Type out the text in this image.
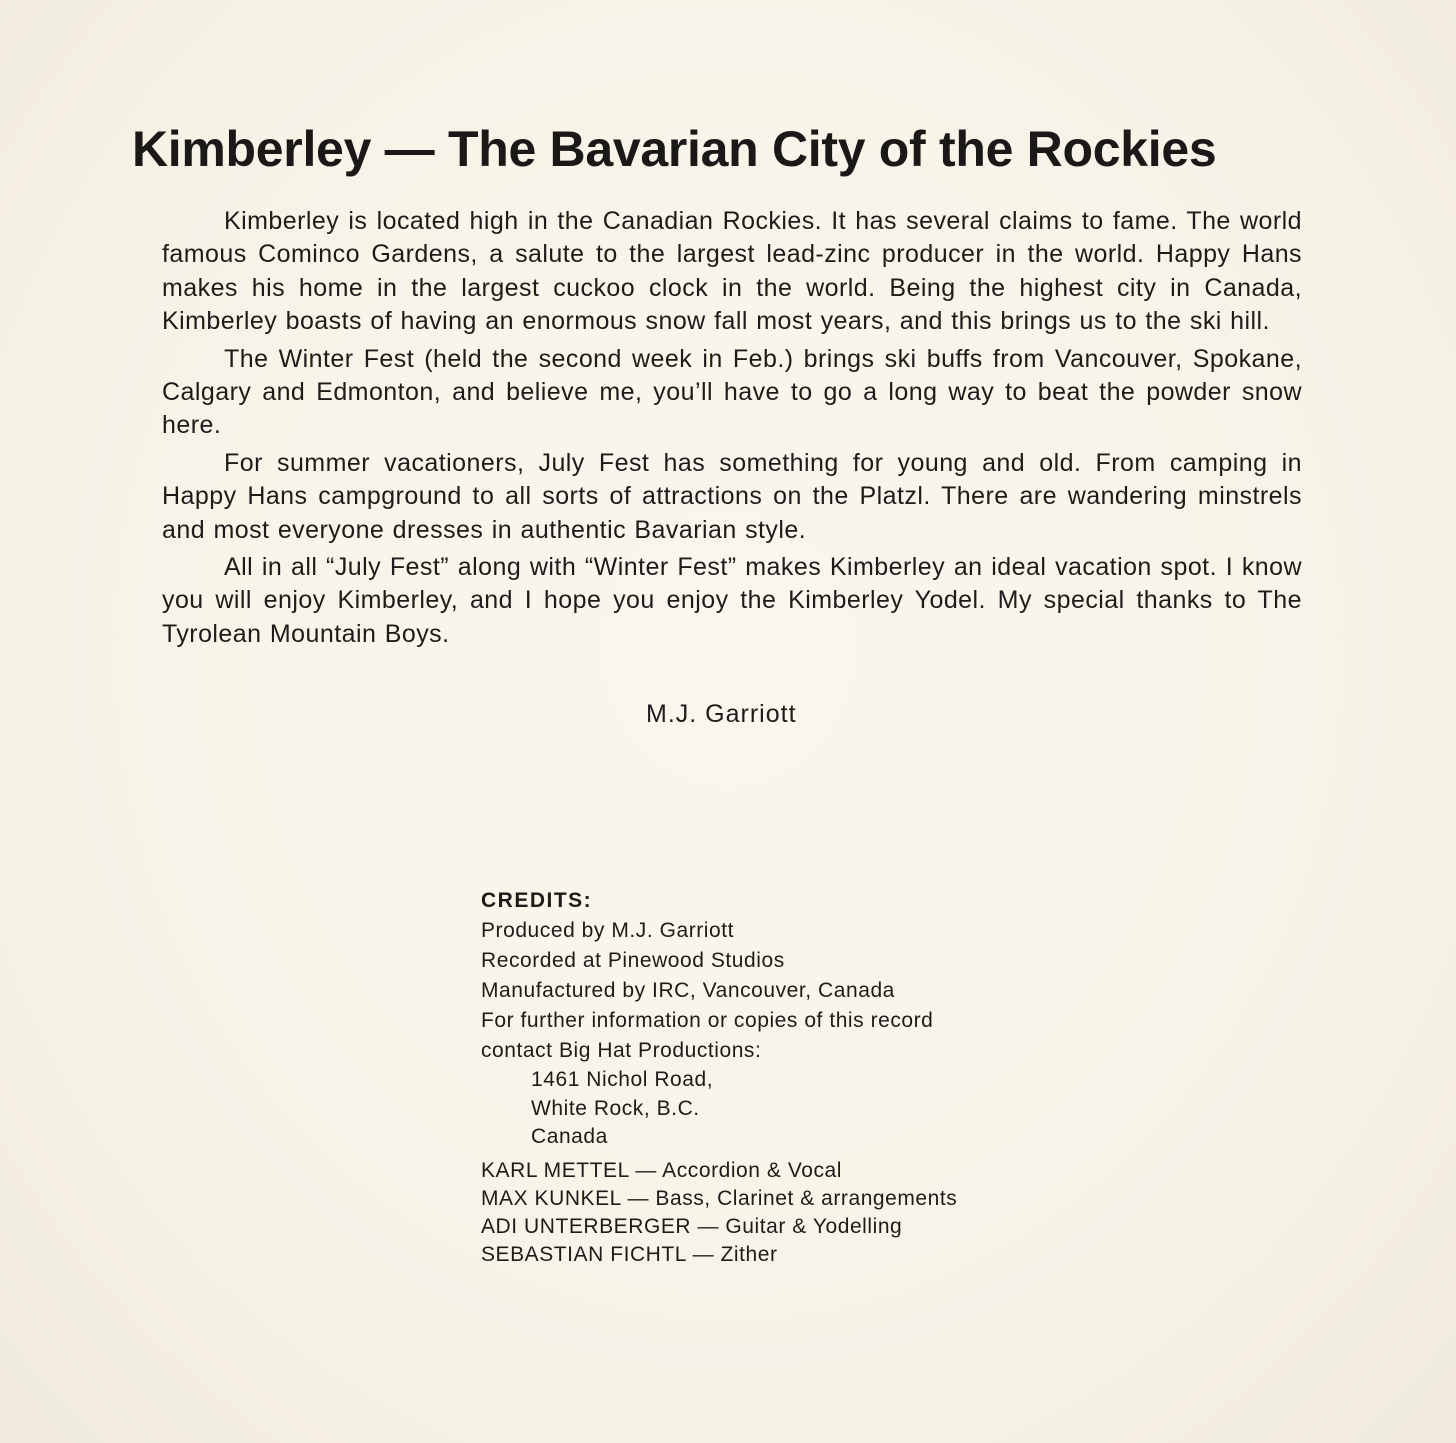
Kimberley — The Bavarian City of the Rockies

Kimberley is located high in the Canadian Rockies. It has several claims to fame. The world famous Cominco Gardens, a salute to the largest lead-zinc producer in the world. Happy Hans makes his home in the largest cuckoo clock in the world. Being the highest city in Canada, Kimberley boasts of having an enormous snow fall most years, and this brings us to the ski hill.

The Winter Fest (held the second week in Feb.) brings ski buffs from Vancouver, Spokane, Calgary and Edmonton, and believe me, you’ll have to go a long way to beat the powder snow here.

For summer vacationers, July Fest has something for young and old. From camping in Happy Hans campground to all sorts of attractions on the Platzl. There are wandering minstrels and most everyone dresses in authentic Bavarian style.

All in all “July Fest” along with “Winter Fest” makes Kimberley an ideal vacation spot. I know you will enjoy Kimberley, and I hope you enjoy the Kimberley Yodel. My special thanks to The Tyrolean Mountain Boys.

M.J. Garriott
CREDITS:
Produced by M.J. Garriott
Recorded at Pinewood Studios
Manufactured by IRC, Vancouver, Canada
For further information or copies of this record
contact Big Hat Productions:
1461 Nichol Road,
White Rock, B.C.
Canada
KARL METTEL — Accordion & Vocal
MAX KUNKEL — Bass, Clarinet & arrangements
ADI UNTERBERGER — Guitar & Yodelling
SEBASTIAN FICHTL — Zither
